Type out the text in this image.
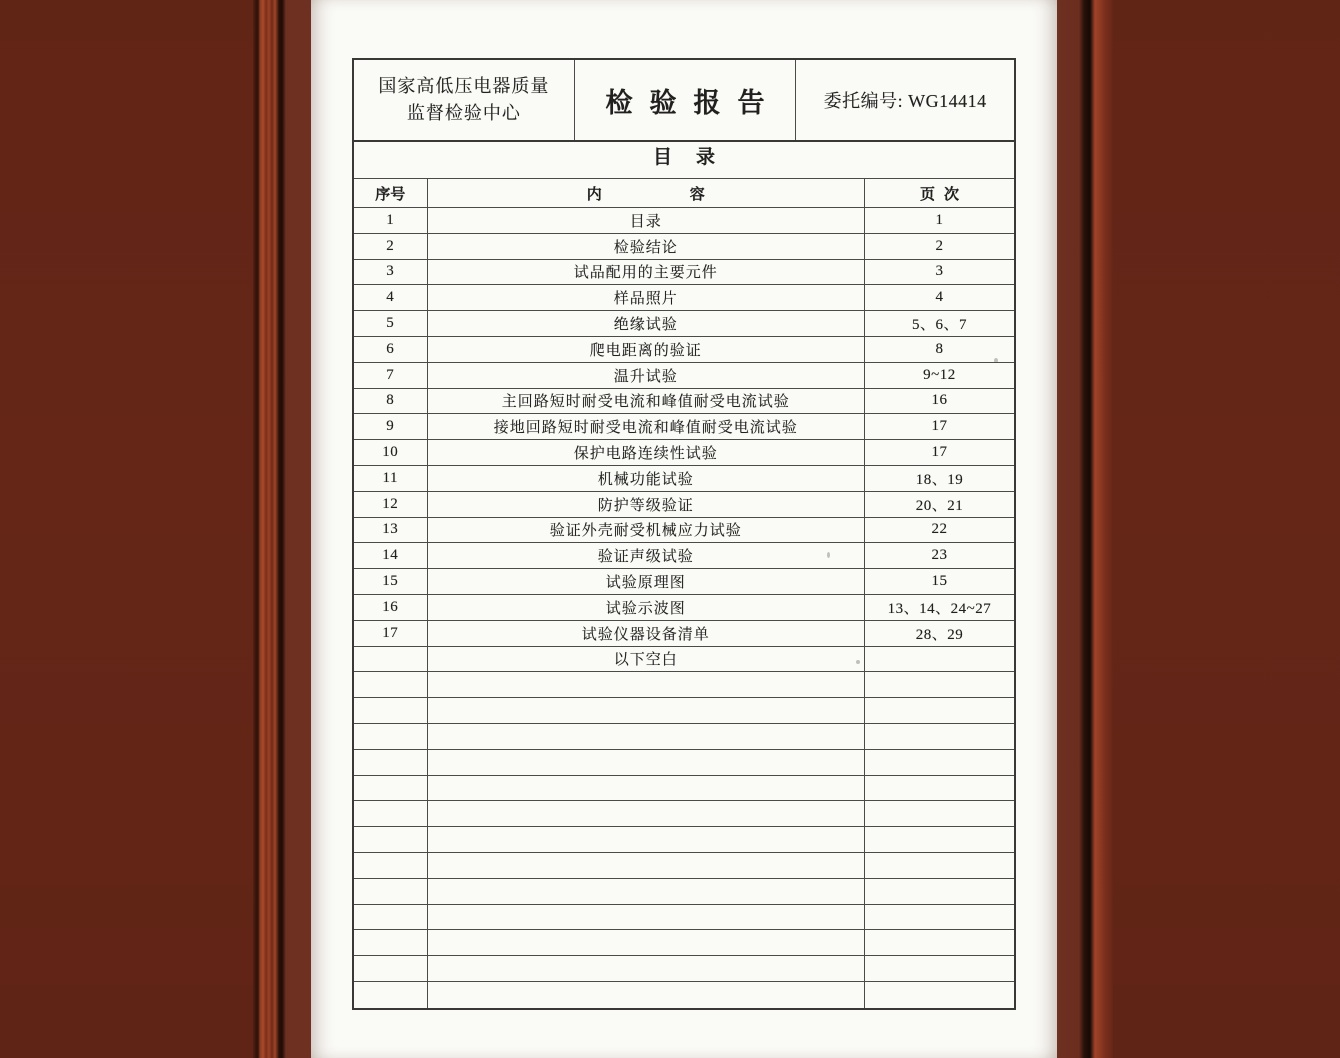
国家高低压电器质量
监督检验中心	检验报告 委托编号: WG14414
目录
序号	内容	页次
1	目录	1
2	检验结论	2
3	试品配用的主要元件	3
4	样品照片	4
5	绝缘试验	5、6、7
6	爬电距离的验证	8
7	温升试验	9~12
8	主回路短时耐受电流和峰值耐受电流试验	16
9	接地回路短时耐受电流和峰值耐受电流试验	17
10	保护电路连续性试验	17
11	机械功能试验	18、19
12	防护等级验证	20、21
13	验证外壳耐受机械应力试验	22
14	验证声级试验	23
15	试验原理图	15
16	试验示波图	13、14、24~27
17	试验仪器设备清单	28、29
以下空白
